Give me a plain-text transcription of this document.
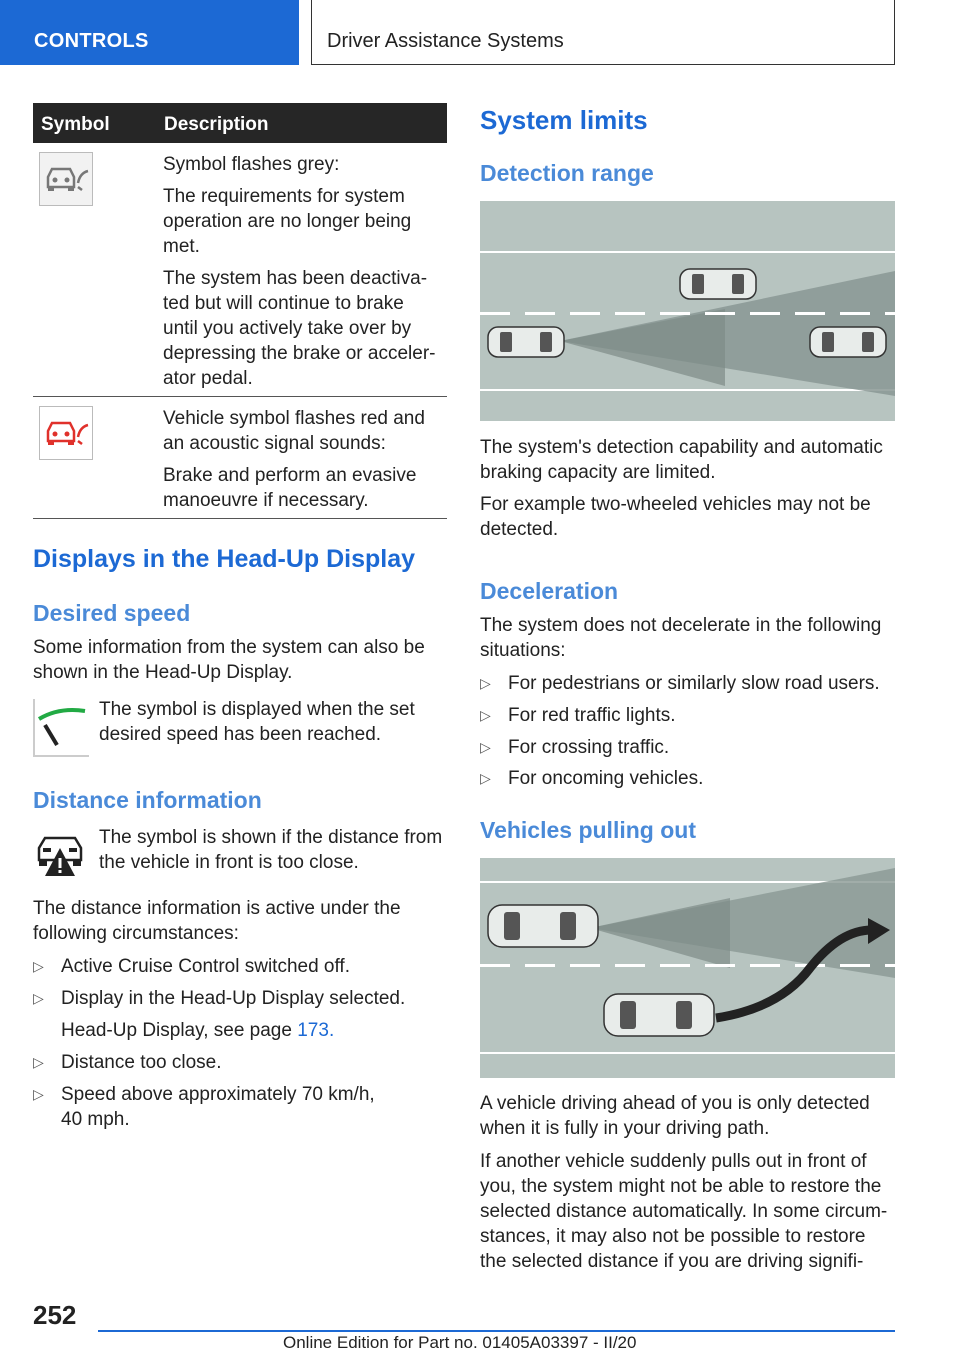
CONTROLS	Driver Assistance Systems
Symbol	Description

Symbol flashes grey:

The requirements for system operation are no longer being met.

The system has been deactiva- ted but will continue to brake until you actively take over by depressing the brake or acceler- ator pedal.

Vehicle symbol flashes red and an acoustic signal sounds:

Brake and perform an evasive manoeuvre if necessary.

Displays in the Head-Up Display
Desired speed

Some information from the system can also be shown in the Head-Up Display.

The symbol is displayed when the set desired speed has been reached.

Distance information

The symbol is shown if the distance from the vehicle in front is too close.

The distance information is active under the following circumstances:

▷ Active Cruise Control switched off.
▷ Display in the Head-Up Display selected.

Head-Up Display, see page 173.

▷ Distance too close.
▷ Speed above approximately 70 km/h,

40 mph.

System limits
Detection range

The system's detection capability and automatic braking capacity are limited.

For example two-wheeled vehicles may not be detected.

Deceleration

The system does not decelerate in the following situations:

▷ For pedestrians or similarly slow road users.
▷ For red traffic lights.
▷ For crossing traffic.
▷ For oncoming vehicles.
Vehicles pulling out

A vehicle driving ahead of you is only detected when it is fully in your driving path.

If another vehicle suddenly pulls out in front of you, the system might not be able to restore the selected distance automatically. In some circum- stances, it may also not be possible to restore the selected distance if you are driving signifi-

252
Online Edition for Part no. 01405A03397 - II/20
